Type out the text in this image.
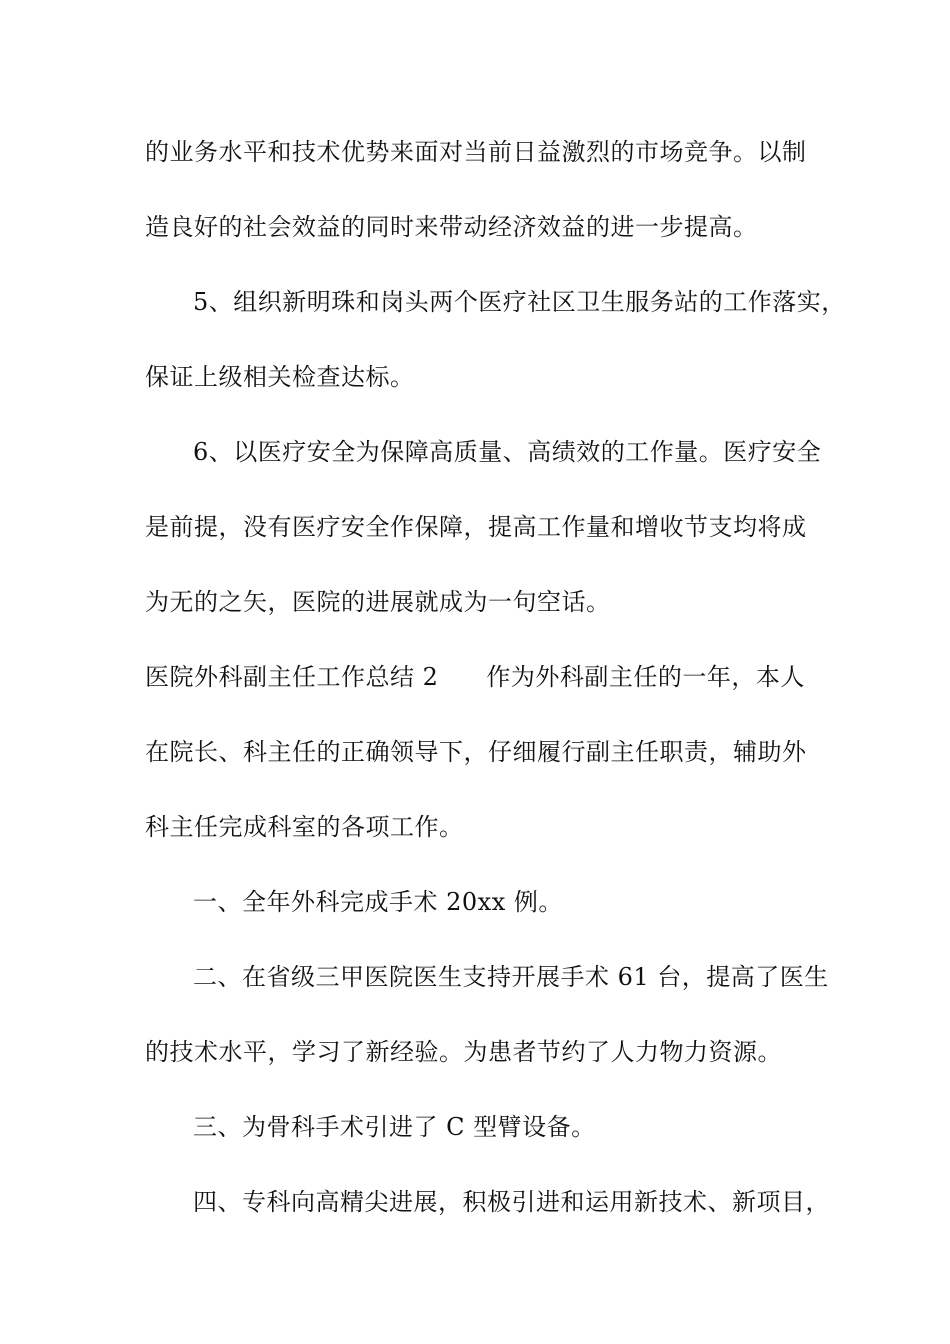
的业务水平和技术优势来面对当前日益激烈的市场竞争。以制
造良好的社会效益的同时来带动经济效益的进一步提高。
5、组织新明珠和岗头两个医疗社区卫生服务站的工作落实，
保证上级相关检查达标。
6、以医疗安全为保障高质量、高绩效的工作量。医疗安全
是前提，没有医疗安全作保障，提高工作量和增收节支均将成
为无的之矢，医院的进展就成为一句空话。
医院外科副主任工作总结 2 作为外科副主任的一年，本人
在院长、科主任的正确领导下，仔细履行副主任职责，辅助外
科主任完成科室的各项工作。
一、全年外科完成手术 20xx 例。
二、在省级三甲医院医生支持开展手术 61 台，提高了医生
的技术水平，学习了新经验。为患者节约了人力物力资源。
三、为骨科手术引进了 C 型臂设备。
四、专科向高精尖进展，积极引进和运用新技术、新项目，
